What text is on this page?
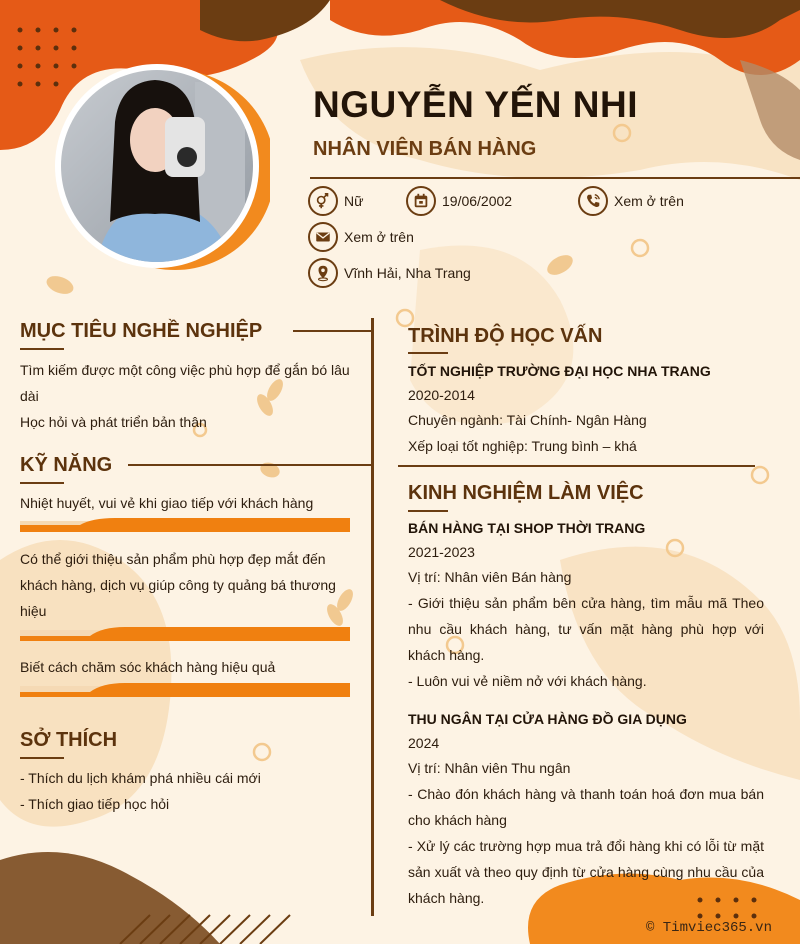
NGUYỄN YẾN NHI
NHÂN VIÊN BÁN HÀNG
Nữ	19/06/2002	Xem ở trên
Xem ở trên
Vĩnh Hải, Nha Trang
MỤC TIÊU NGHỀ NGHIỆP
Tìm kiếm được một công việc phù hợp để gắn bó lâu dài
Học hỏi và phát triển bản thân
KỸ NĂNG
Nhiệt huyết, vui vẻ khi giao tiếp với khách hàng
Có thể giới thiệu sản phẩm phù hợp đẹp mắt đến khách hàng, dịch vụ giúp công ty quảng bá thương hiệu
Biết cách chăm sóc khách hàng hiệu quả
SỞ THÍCH
- Thích du lịch khám phá nhiều cái mới
- Thích giao tiếp học hỏi
TRÌNH ĐỘ HỌC VẤN
TỐT NGHIỆP TRƯỜNG ĐẠI HỌC NHA TRANG
2020-2014
Chuyên ngành: Tài Chính- Ngân Hàng
Xếp loại tốt nghiệp: Trung bình – khá
KINH NGHIỆM LÀM VIỆC
BÁN HÀNG TẠI SHOP THỜI TRANG
2021-2023
Vị trí: Nhân viên Bán hàng
- Giới thiệu sản phẩm bên cửa hàng, tìm mẫu mã Theo nhu cầu khách hàng, tư vấn mặt hàng phù hợp với khách hàng.
- Luôn vui vẻ niềm nở với khách hàng.
THU NGÂN TẠI CỬA HÀNG ĐỒ GIA DỤNG
2024
Vị trí: Nhân viên Thu ngân
- Chào đón khách hàng và thanh toán hoá đơn mua bán cho khách hàng
- Xử lý các trường hợp mua trả đổi hàng khi có lỗi từ mặt sản xuất và theo quy định từ cửa hàng cùng nhu cầu của khách hàng.
© Timviec365.vn
